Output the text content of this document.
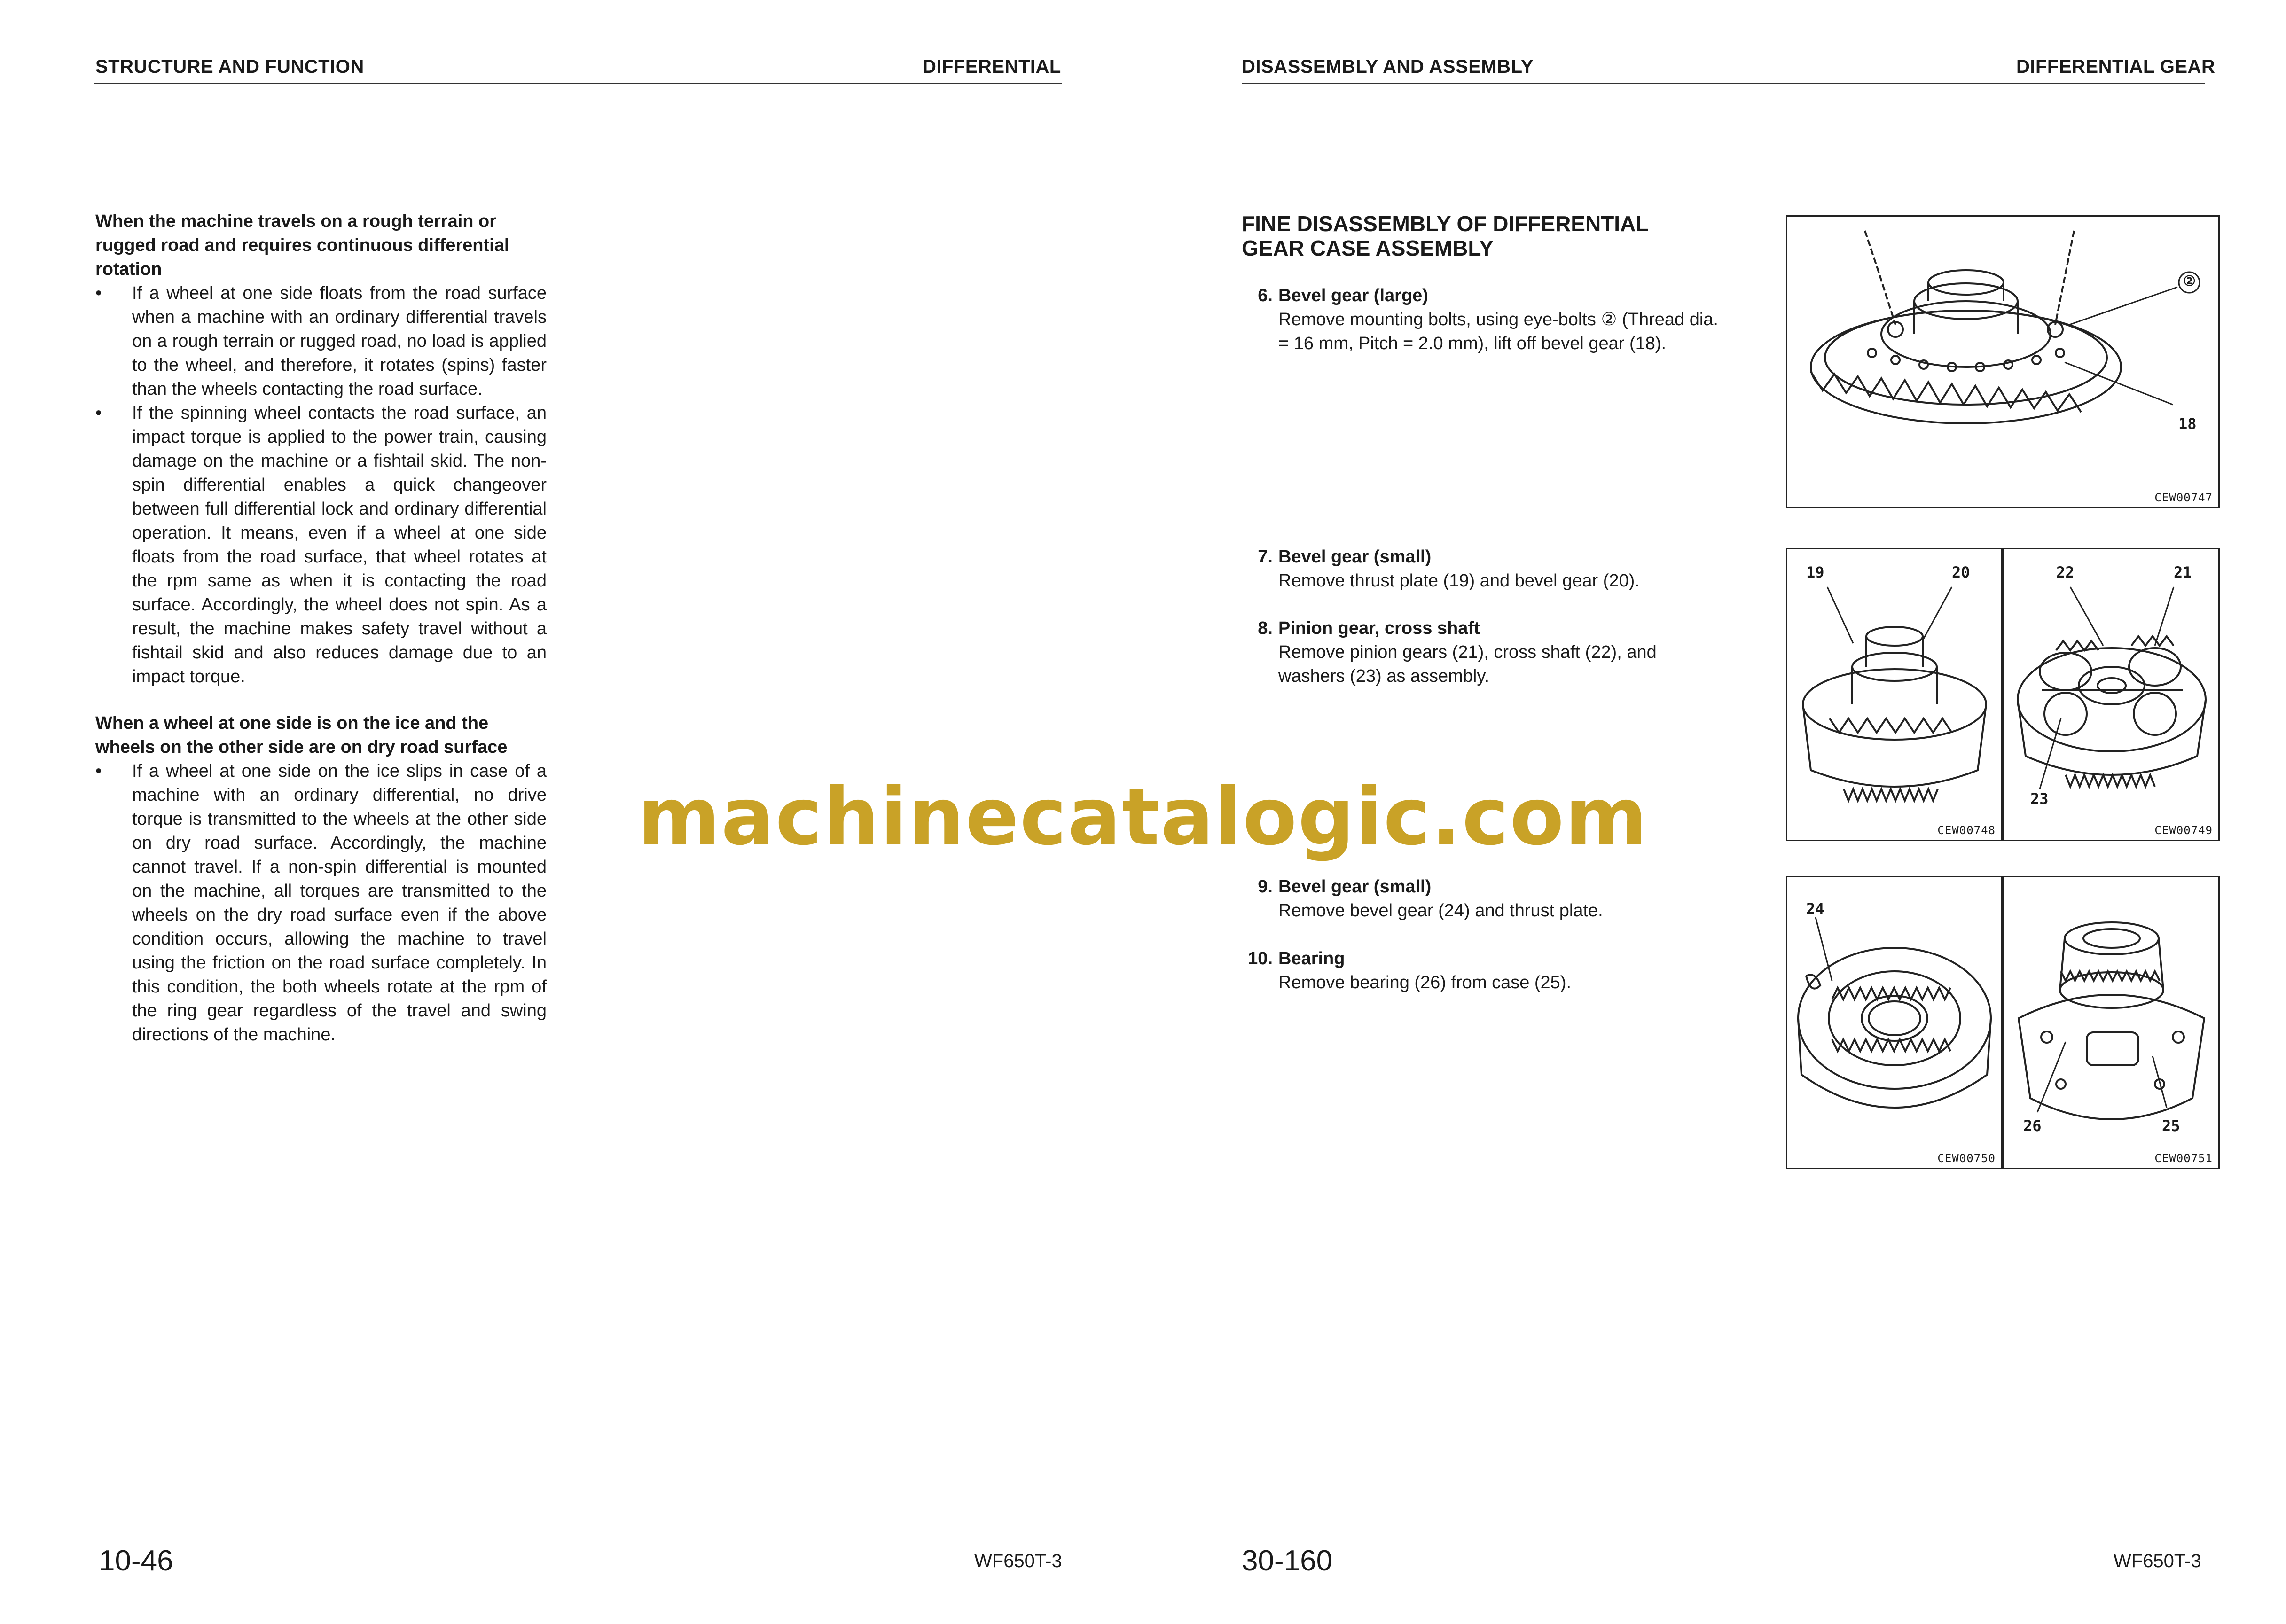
STRUCTURE AND FUNCTION	DIFFERENTIAL
When the machine travels on a rough terrain or rugged road and requires continuous differential rotation
• If a wheel at one side floats from the road surface when a machine with an ordinary differential travels on a rough terrain or rugged road, no load is applied to the wheel, and therefore, it rotates (spins) faster than the wheels contacting the road surface.
• If the spinning wheel contacts the road surface, an impact torque is applied to the power train, causing damage on the machine or a fishtail skid. The non-spin differential enables a quick changeover between full differential lock and ordinary differential operation. It means, even if a wheel at one side floats from the road surface, that wheel rotates at the rpm same as when it is contacting the road surface. Accordingly, the wheel does not spin. As a result, the machine makes safety travel without a fishtail skid and also reduces damage due to an impact torque.
When a wheel at one side is on the ice and the wheels on the other side are on dry road surface
• If a wheel at one side on the ice slips in case of a machine with an ordinary differential, no drive torque is transmitted to the wheels at the other side on dry road surface. Accordingly, the machine cannot travel. If a non-spin differential is mounted on the machine, all torques are transmitted to the wheels on the dry road surface even if the above condition occurs, allowing the machine to travel using the friction on the road surface completely. In this condition, the both wheels rotate at the rpm of the ring gear regardless of the travel and swing directions of the machine.
10-46	WF650T-3
DISASSEMBLY AND ASSEMBLY	DIFFERENTIAL GEAR
FINE DISASSEMBLY OF DIFFERENTIAL
GEAR CASE ASSEMBLY
6. Bevel gear (large)
Remove mounting bolts, using eye-bolts ② (Thread dia. = 16 mm, Pitch = 2.0 mm), lift off bevel gear (18).
7. Bevel gear (small)
Remove thrust plate (19) and bevel gear (20).
8. Pinion gear, cross shaft
Remove pinion gears (21), cross shaft (22), and washers (23) as assembly.
9. Bevel gear (small)
Remove bevel gear (24) and thrust plate.
10. Bearing
Remove bearing (26) from case (25).
②
18
CEW00747
19	20
CEW00748
22	21
23
CEW00749
24
CEW00750
26	25
CEW00751
30-160	WF650T-3
machinecatalogic.com
